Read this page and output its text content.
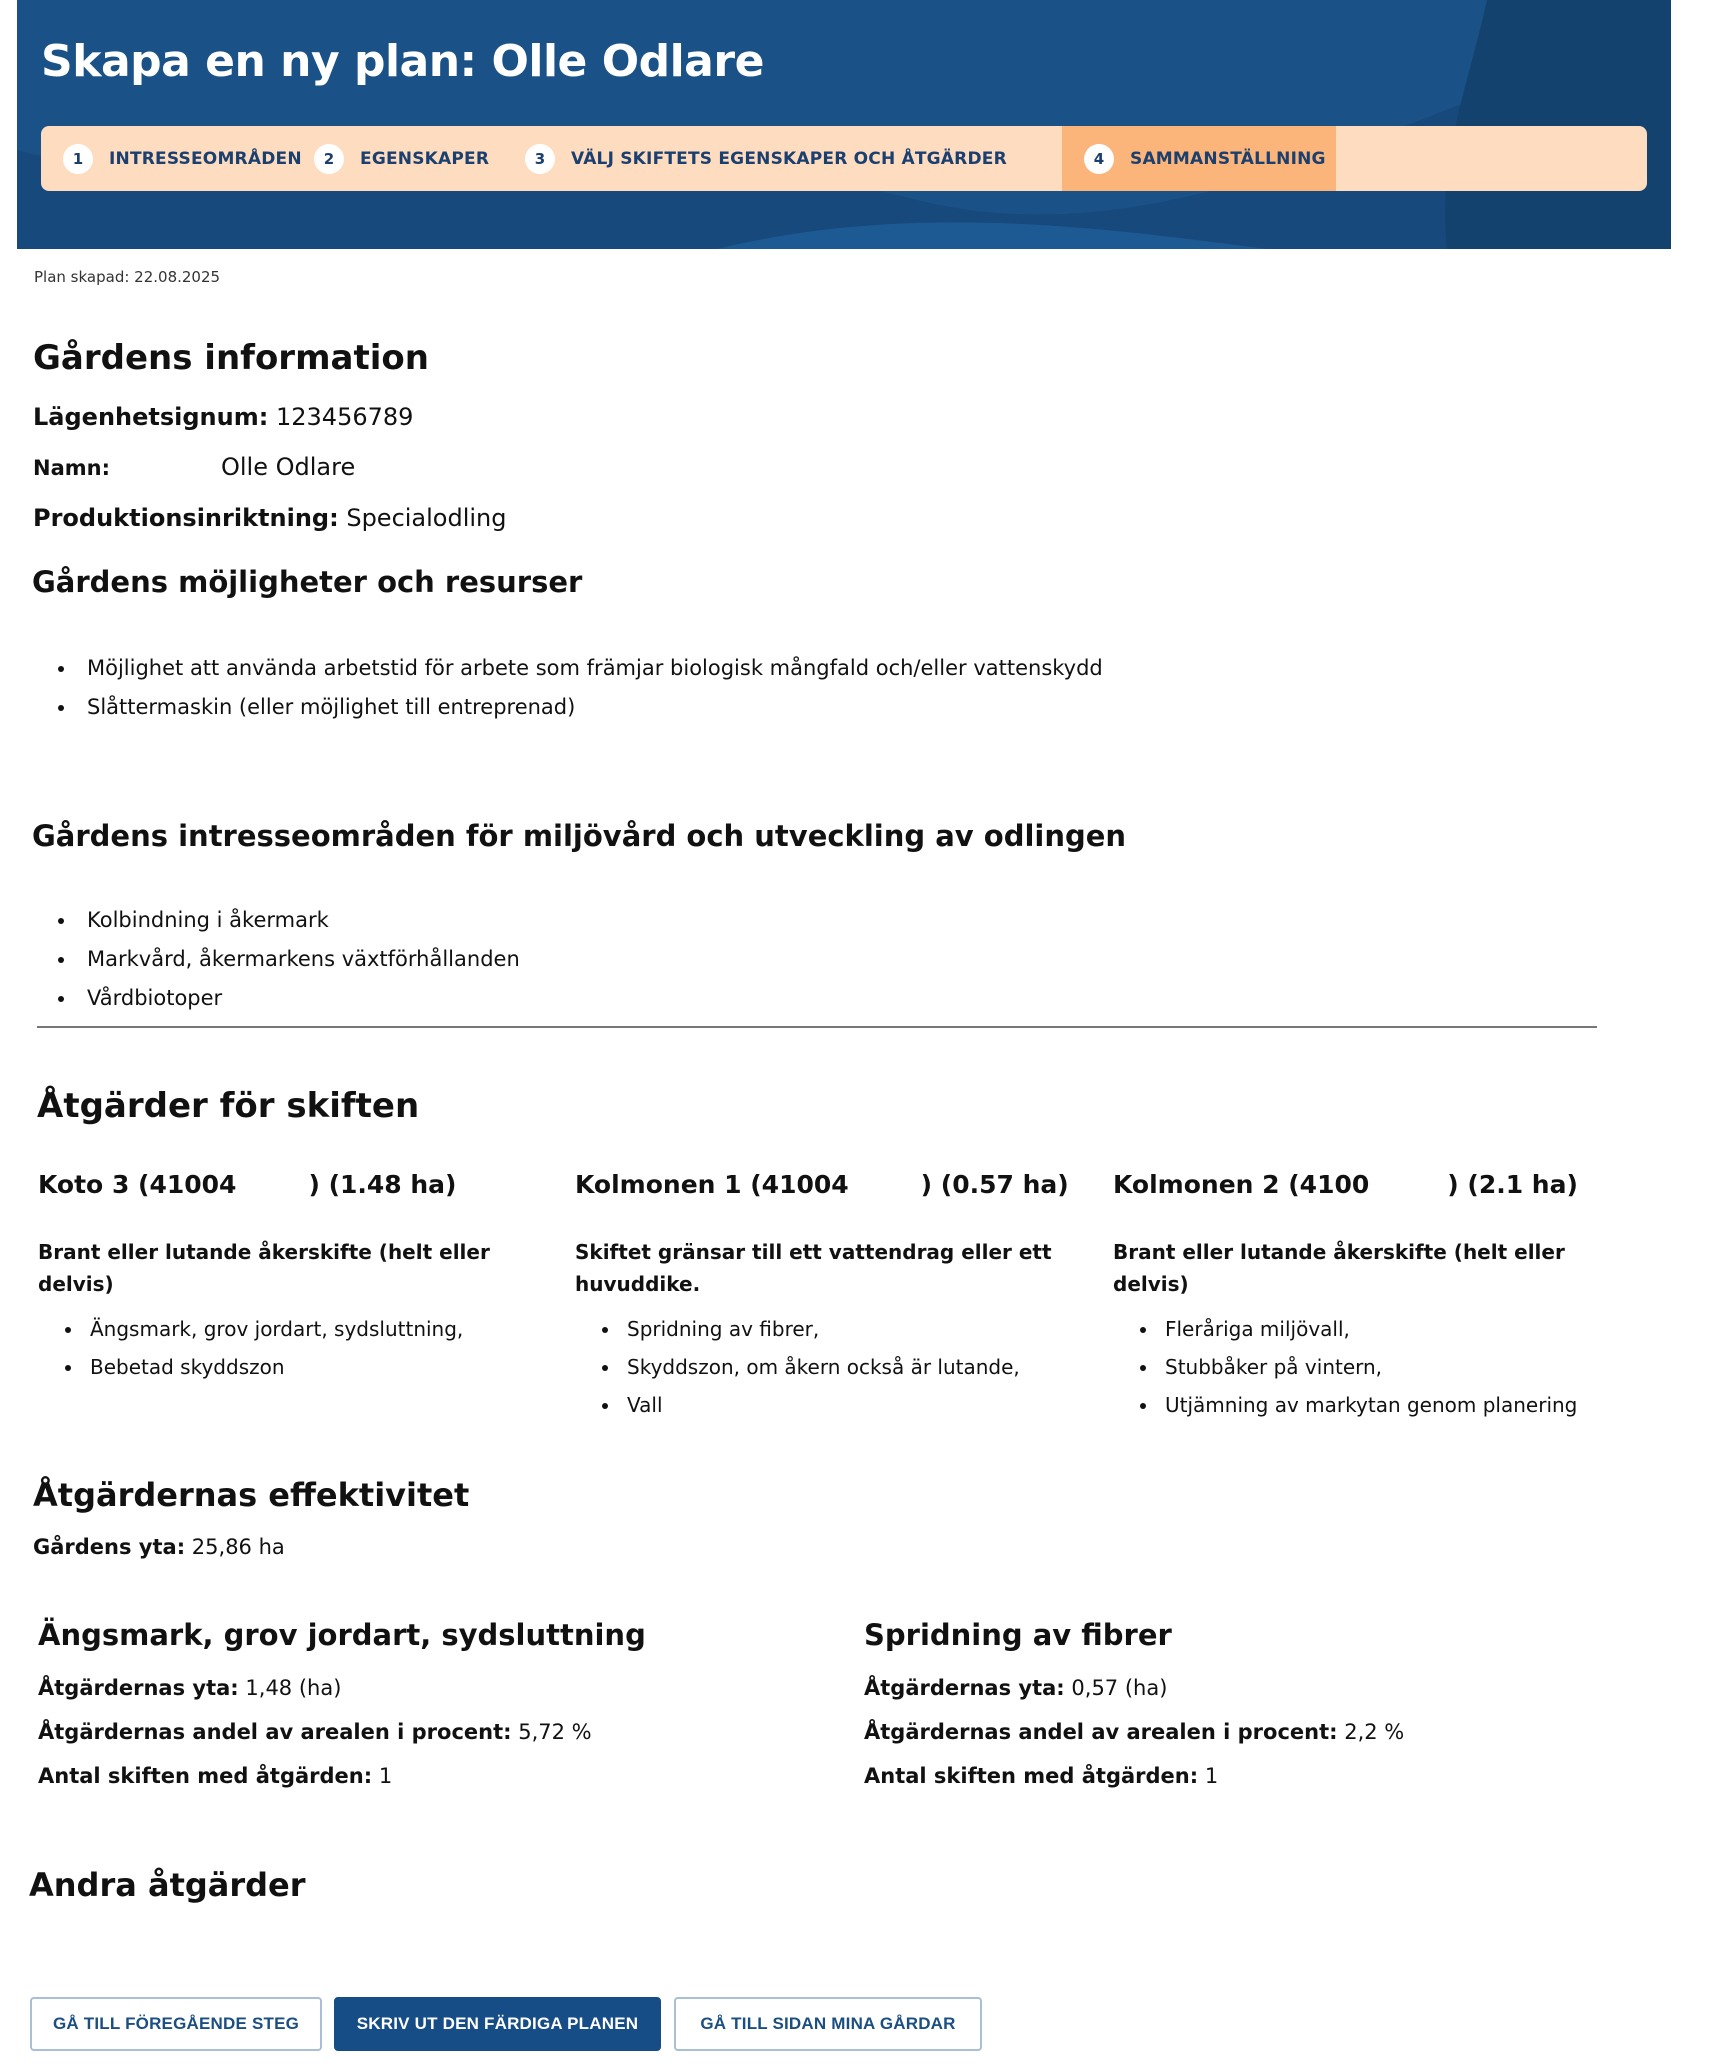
Skapa en ny plan: Olle Odlare
1	INTRESSEOMRÅDEN	2	EGENSKAPER	3	VÄLJ SKIFTETS EGENSKAPER OCH ÅTGÄRDER	4	SAMMANSTÄLLNING
Plan skapad: 22.08.2025
Gårdens information
Lägenhetsignum: 123456789
Namn:	Olle Odlare
Produktionsinriktning: Specialodling
Gårdens möjligheter och resurser
Möjlighet att använda arbetstid för arbete som främjar biologisk mångfald och/eller vattenskydd
Slåttermaskin (eller möjlighet till entreprenad)
Gårdens intresseområden för miljövård och utveckling av odlingen
Kolbindning i åkermark
Markvård, åkermarkens växtförhållanden
Vårdbiotoper
Åtgärder för skiften
Koto 3 (41004	) (1.48 ha)
Brant eller lutande åkerskifte (helt eller delvis)
Ängsmark, grov jordart, sydsluttning,
Bebetad skyddszon
Kolmonen 1 (41004	) (0.57 ha)
Skiftet gränsar till ett vattendrag eller ett huvuddike.
Spridning av fibrer,
Skyddszon, om åkern också är lutande,
Vall
Kolmonen 2 (4100	) (2.1 ha)
Brant eller lutande åkerskifte (helt eller delvis)
Fleråriga miljövall,
Stubbåker på vintern,
Utjämning av markytan genom planering
Åtgärdernas effektivitet
Gårdens yta: 25,86 ha
Ängsmark, grov jordart, sydsluttning
Åtgärdernas yta: 1,48 (ha)
Åtgärdernas andel av arealen i procent: 5,72 %
Antal skiften med åtgärden: 1
Spridning av fibrer
Åtgärdernas yta: 0,57 (ha)
Åtgärdernas andel av arealen i procent: 2,2 %
Antal skiften med åtgärden: 1
Andra åtgärder
GÅ TILL FÖREGÅENDE STEG	SKRIV UT DEN FÄRDIGA PLANEN	GÅ TILL SIDAN MINA GÅRDAR
